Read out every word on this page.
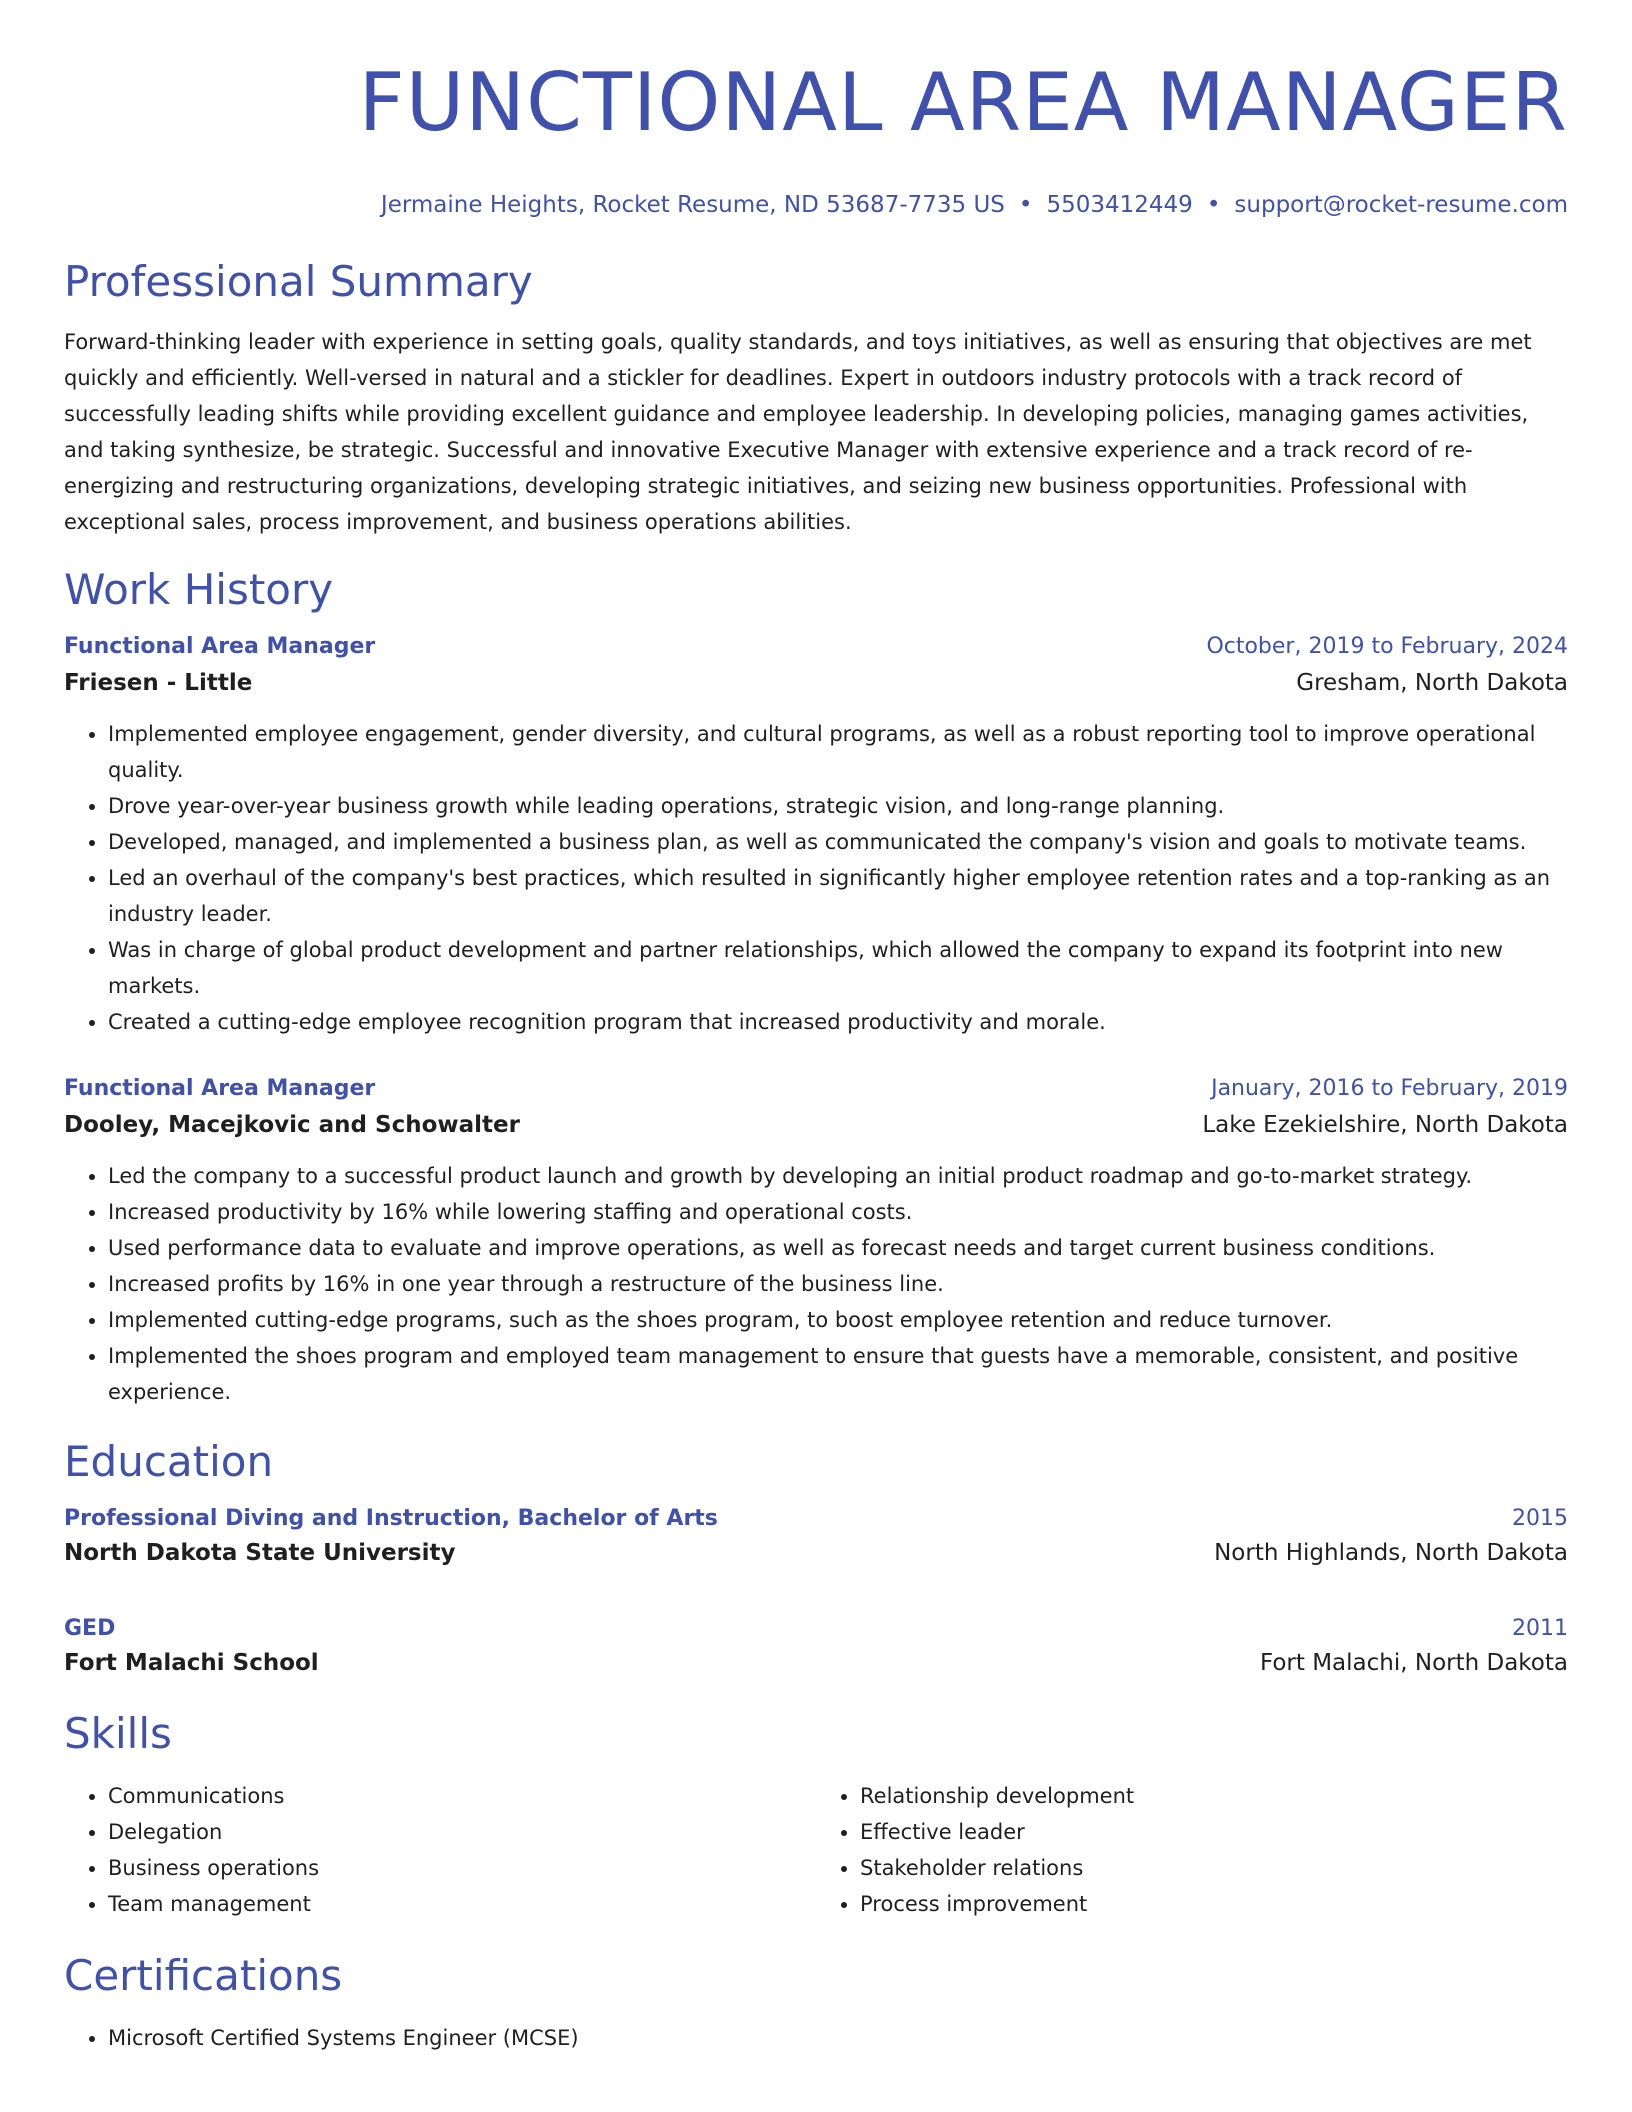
FUNCTIONAL AREA MANAGER
Jermaine Heights, Rocket Resume, ND 53687-7735 US • 5503412449 • support@rocket-resume.com
Professional Summary
Forward-thinking leader with experience in setting goals, quality standards, and toys initiatives, as well as ensuring that objectives are met quickly and efficiently. Well-versed in natural and a stickler for deadlines. Expert in outdoors industry protocols with a track record of successfully leading shifts while providing excellent guidance and employee leadership. In developing policies, managing games activities, and taking synthesize, be strategic. Successful and innovative Executive Manager with extensive experience and a track record of re-energizing and restructuring organizations, developing strategic initiatives, and seizing new business opportunities. Professional with exceptional sales, process improvement, and business operations abilities.
Work History
Functional Area Manager	October, 2019 to February, 2024
Friesen - Little	Gresham, North Dakota
• Implemented employee engagement, gender diversity, and cultural programs, as well as a robust reporting tool to improve operational quality.
• Drove year-over-year business growth while leading operations, strategic vision, and long-range planning.
• Developed, managed, and implemented a business plan, as well as communicated the company's vision and goals to motivate teams.
• Led an overhaul of the company's best practices, which resulted in significantly higher employee retention rates and a top-ranking as an industry leader.
• Was in charge of global product development and partner relationships, which allowed the company to expand its footprint into new markets.
• Created a cutting-edge employee recognition program that increased productivity and morale.
Functional Area Manager	January, 2016 to February, 2019
Dooley, Macejkovic and Schowalter	Lake Ezekielshire, North Dakota
• Led the company to a successful product launch and growth by developing an initial product roadmap and go-to-market strategy.
• Increased productivity by 16% while lowering staffing and operational costs.
• Used performance data to evaluate and improve operations, as well as forecast needs and target current business conditions.
• Increased profits by 16% in one year through a restructure of the business line.
• Implemented cutting-edge programs, such as the shoes program, to boost employee retention and reduce turnover.
• Implemented the shoes program and employed team management to ensure that guests have a memorable, consistent, and positive experience.
Education
Professional Diving and Instruction, Bachelor of Arts	2015
North Dakota State University	North Highlands, North Dakota
GED	2011
Fort Malachi School	Fort Malachi, North Dakota
Skills
• Communications
• Delegation
• Business operations
• Team management
• Relationship development
• Effective leader
• Stakeholder relations
• Process improvement
Certifications
• Microsoft Certified Systems Engineer (MCSE)
